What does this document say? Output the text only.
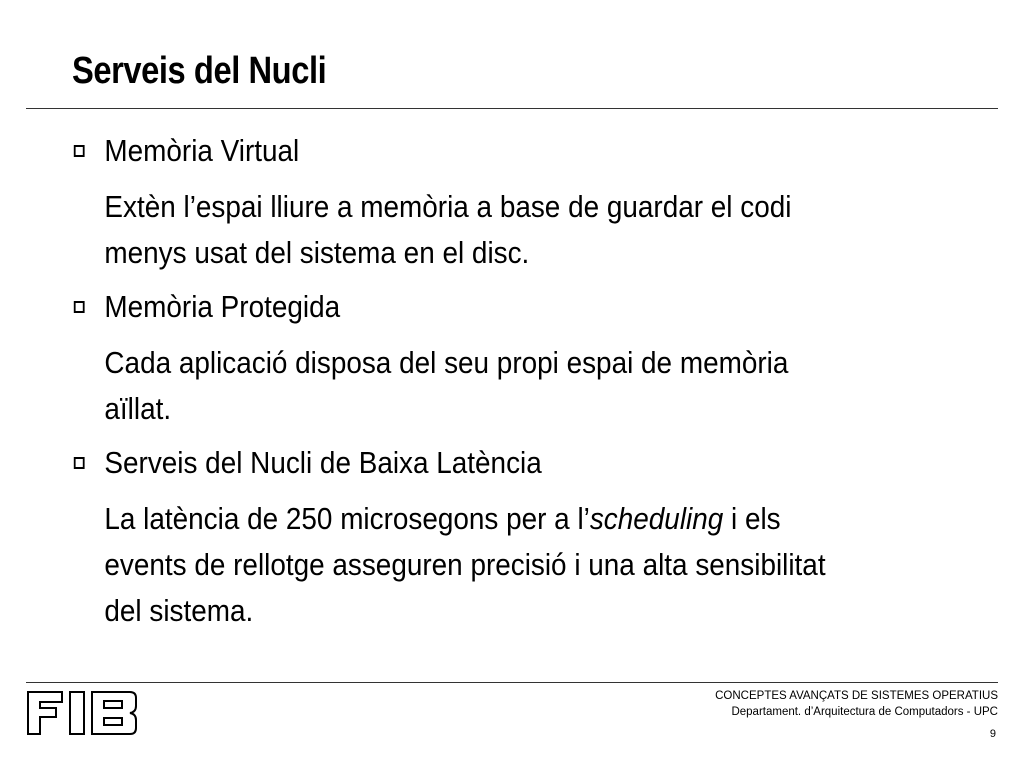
Serveis del Nucli
Memòria Virtual
Extèn l’espai lliure a memòria a base de guardar el codi
menys usat del sistema en el disc.
Memòria Protegida
Cada aplicació disposa del seu propi espai de memòria
aïllat.
Serveis del Nucli de Baixa Latència
La latència de 250 microsegons per a l’scheduling i els
events de rellotge asseguren precisió i una alta sensibilitat
del sistema.
CONCEPTES AVANÇATS DE SISTEMES OPERATIUS
Departament. d’Arquitectura de Computadors - UPC
9
